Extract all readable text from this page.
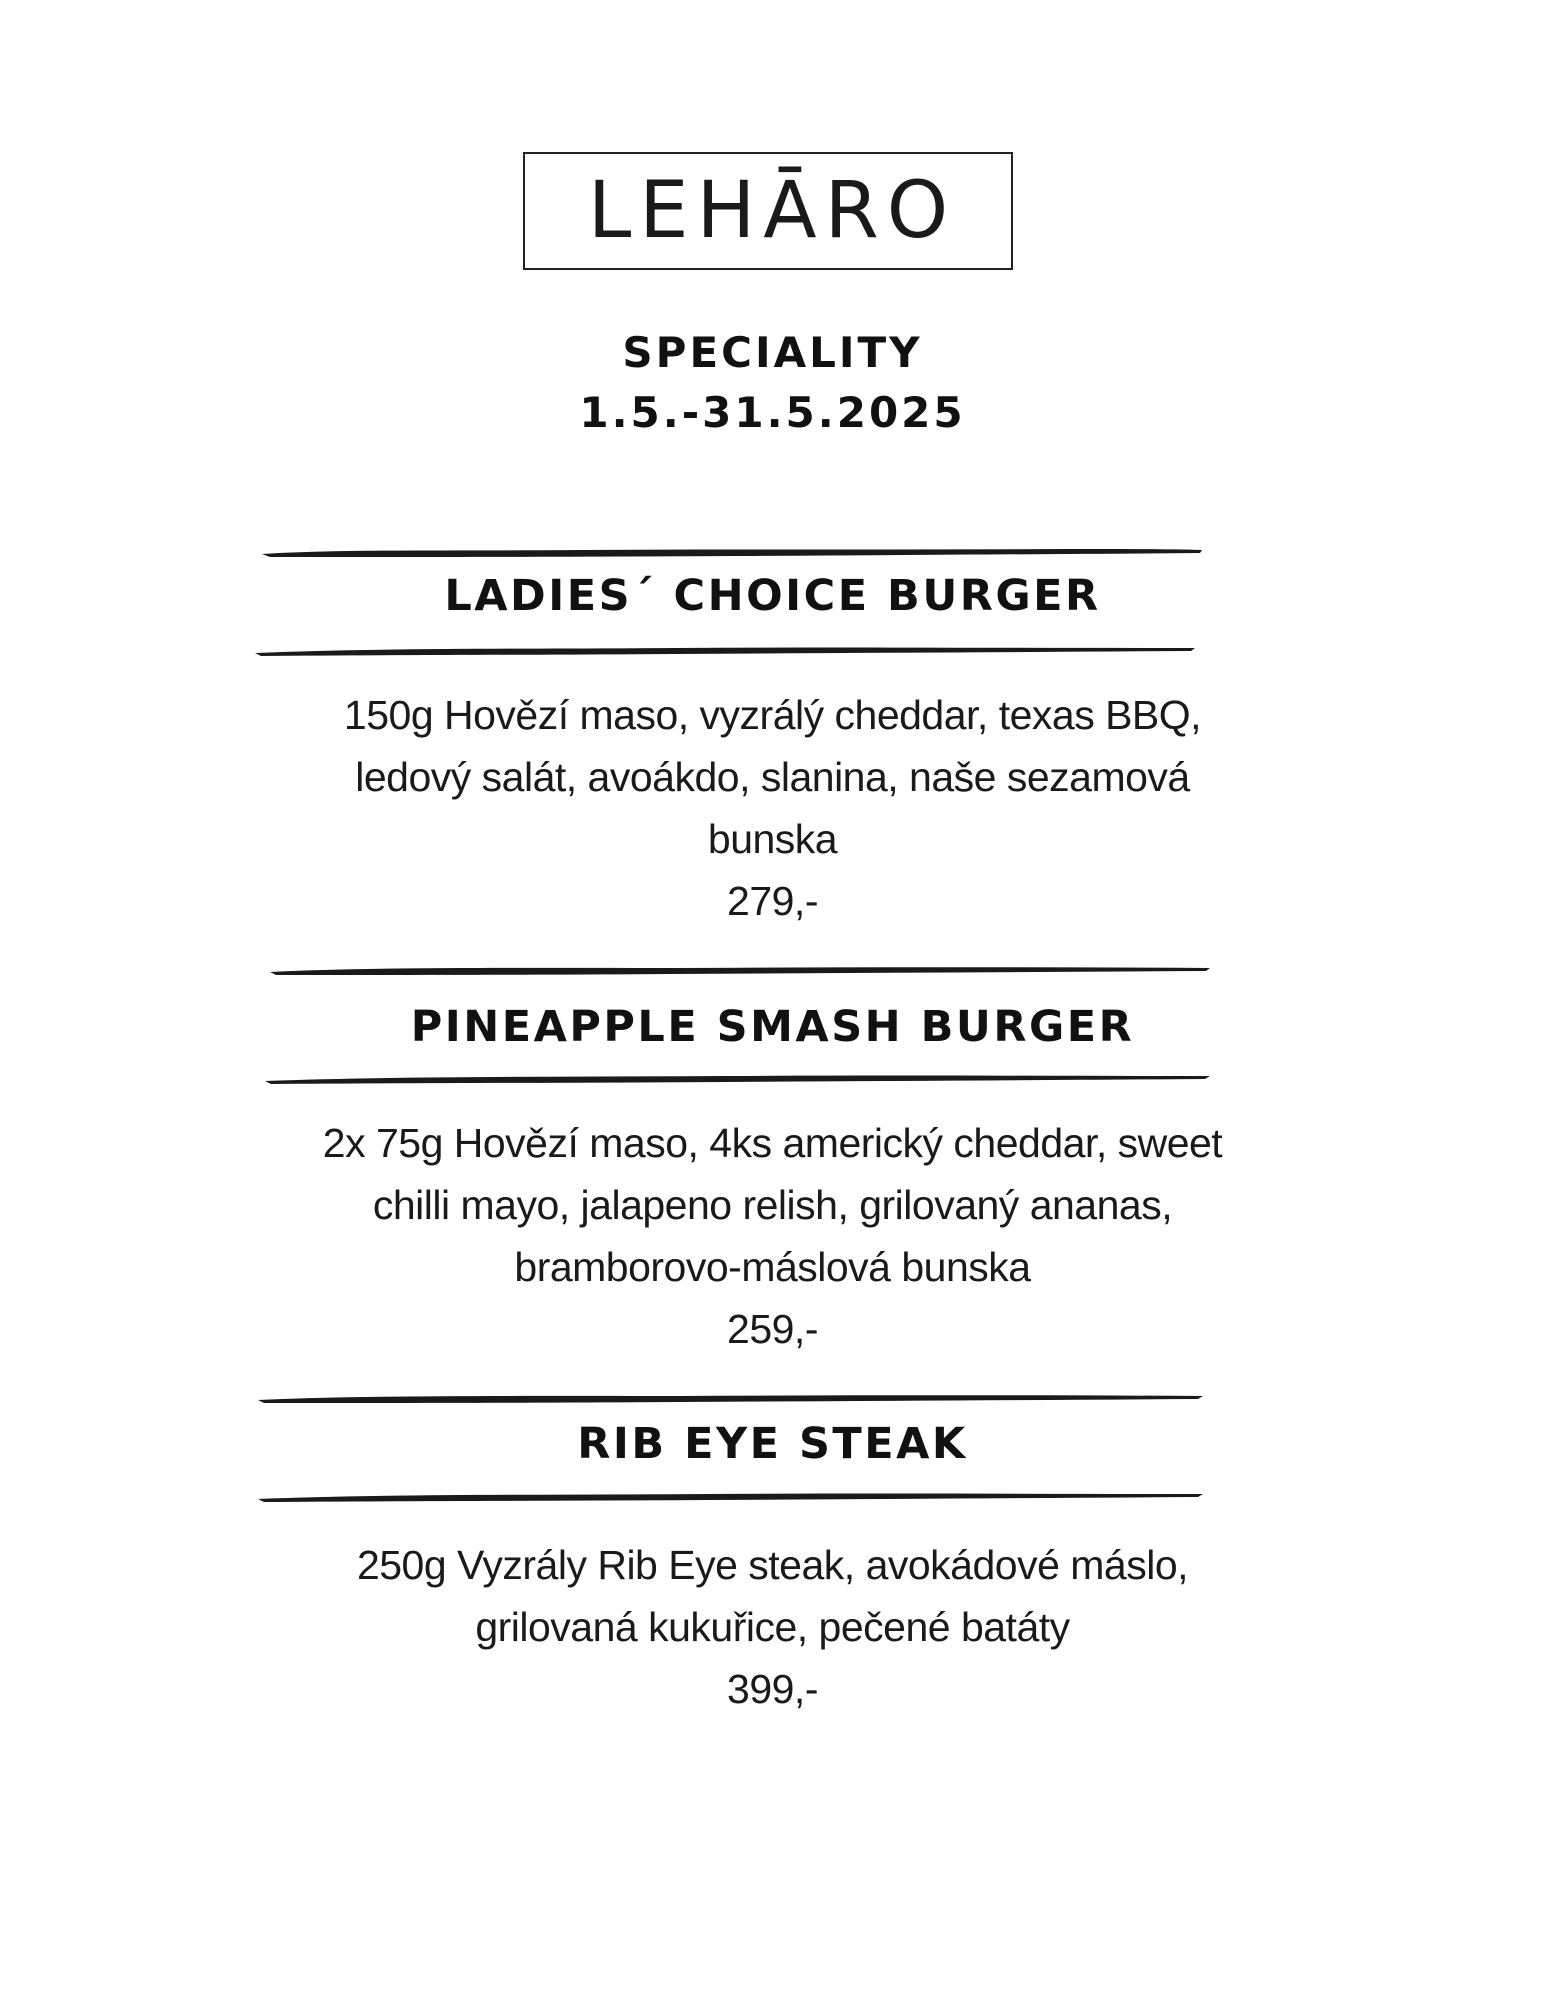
LEHĀRO
SPECIALITY
1.5.-31.5.2025
LADIES´ CHOICE BURGER
150g Hovězí maso, vyzrálý cheddar, texas BBQ,
ledový salát, avoákdo, slanina, naše sezamová
bunska
279,-
PINEAPPLE SMASH BURGER
2x 75g Hovězí maso, 4ks americký cheddar, sweet
chilli mayo, jalapeno relish, grilovaný ananas,
bramborovo-máslová bunska
259,-
RIB EYE STEAK
250g Vyzrály Rib Eye steak, avokádové máslo,
grilovaná kukuřice, pečené batáty
399,-
